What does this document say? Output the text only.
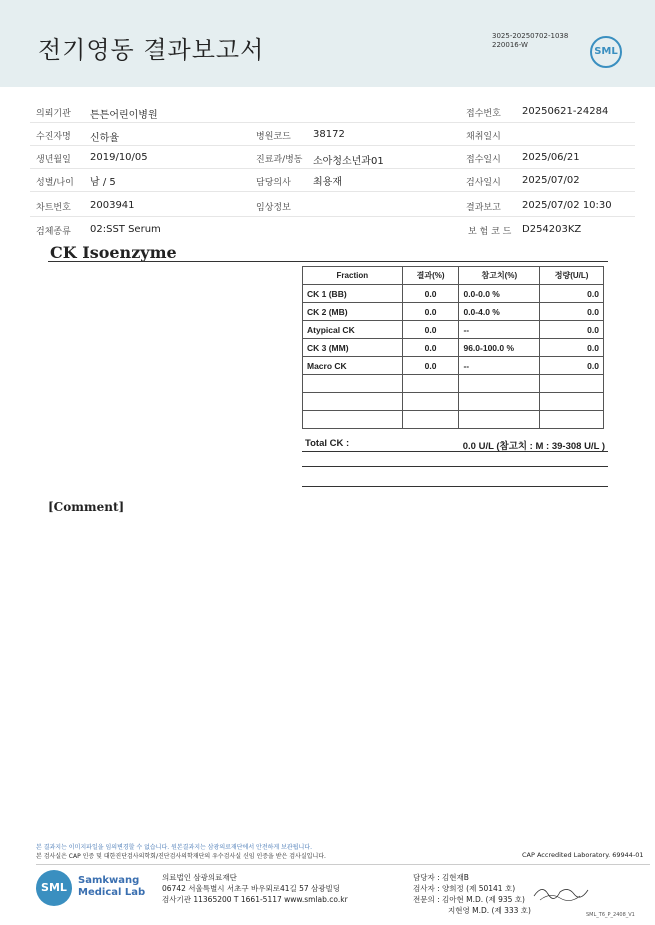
전기영동 결과보고서	3025-20250702-1038
220016-W
SML
의뢰기관 튼튼어린이병원	접수번호 20250621-24284
수진자명 신하율	병원코드 38172	채취일시
생년월일 2019/10/05	진료과/병동 소아청소년과01	접수일시 2025/06/21
성별/나이 남 / 5	담당의사 최용재	검사일시 2025/07/02
차트번호 2003941	임상정보	결과보고 2025/07/02 10:30
검체종류 02:SST Serum	보 험 코 드 D254203KZ
CK Isoenzyme
Fraction	결과(%)	참고치(%)	정량(U/L)
CK 1 (BB)	0.0	0.0-0.0 %	0.0
CK 2 (MB)	0.0	0.0-4.0 %	0.0
Atypical CK	0.0	--	0.0
CK 3 (MM)	0.0	96.0-100.0 %	0.0
Macro CK	0.0	--	0.0

Total CK :	0.0 U/L (참고치 : M : 39-308 U/L )
[Comment]
본 결과지는 이미지파일을 임의변경할 수 없습니다. 원본결과지는 삼광의료재단에서 안전하게 보관됩니다.
본 검사실은 CAP 인증 및 대한진단검사의학회/진단검사의학재단의 우수검사실 신임 인증을 받은 검사실입니다.	CAP Accredited Laboratory. 69944-01
SML
Samkwang
Medical Lab
의료법인 삼광의료재단
06742 서울특별시 서초구 바우뫼로41길 57 삼광빌딩
검사기관 11365200 T 1661-5117 www.smlab.co.kr
담당자 : 김현재B
검사자 : 양희정 (제 50141 호)
전문의 : 김아현 M.D. (제 935 호)
지현영 M.D. (제 333 호)	SML_T6_P_2408_V1
